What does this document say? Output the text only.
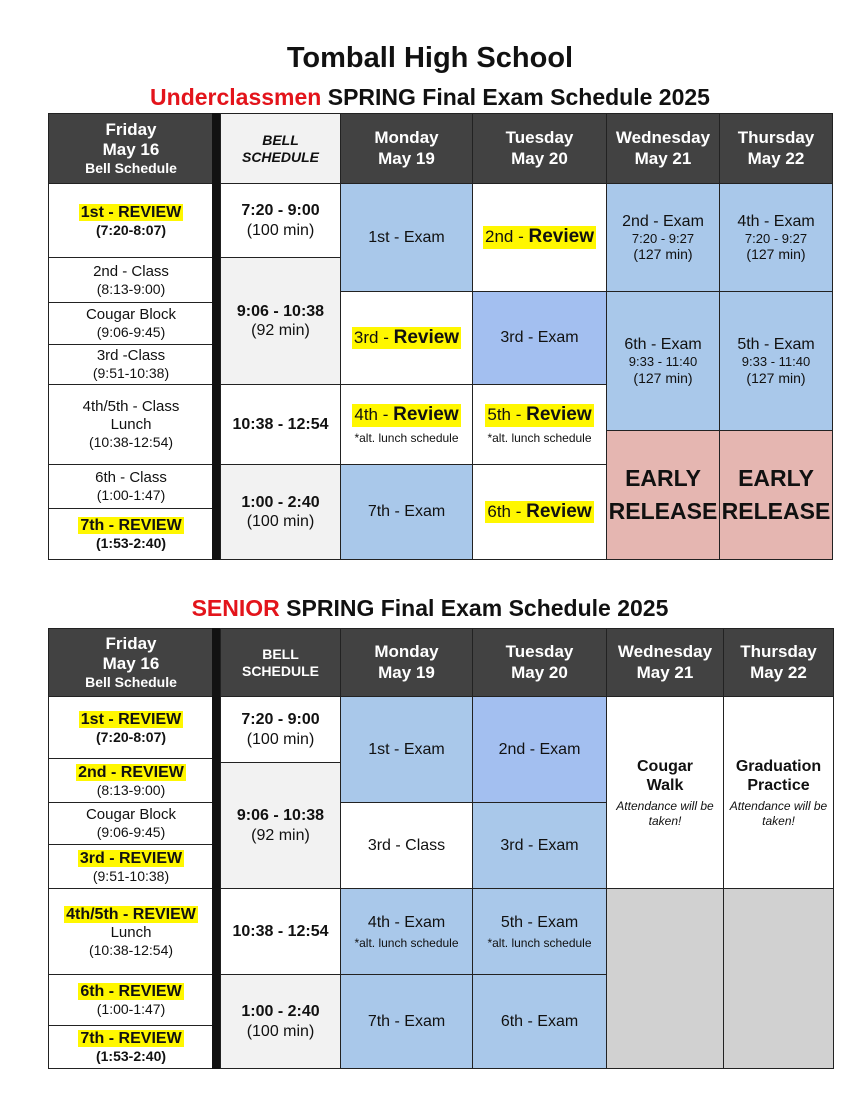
Tomball High School
Underclassmen SPRING Final Exam Schedule 2025
SENIOR SPRING Final Exam Schedule 2025
Friday
May 16
Bell Schedule
BELL
SCHEDULE
Monday
May 19
Tuesday
May 20
Wednesday
May 21
Thursday
May 22
1st - REVIEW
(7:20-8:07)
2nd - Class
(8:13-9:00)
Cougar Block
(9:06-9:45)
3rd -Class
(9:51-10:38)
4th/5th - Class
Lunch
(10:38-12:54)
6th - Class
(1:00-1:47)
7th - REVIEW
(1:53-2:40)
7:20 - 9:00
(100 min)
9:06 - 10:38
(92 min)
10:38 - 12:54
1:00 - 2:40
(100 min)
1st - Exam
3rd - Review
4th - Review
*alt. lunch schedule
7th - Exam
2nd - Review
3rd - Exam
5th - Review
*alt. lunch schedule
6th - Review
2nd - Exam
7:20 - 9:27
(127 min)
6th - Exam
9:33 - 11:40
(127 min)
EARLY
RELEASE
4th - Exam
7:20 - 9:27
(127 min)
5th - Exam
9:33 - 11:40
(127 min)
EARLY
RELEASE
Friday
May 16
Bell Schedule
BELL
SCHEDULE
Monday
May 19
Tuesday
May 20
Wednesday
May 21
Thursday
May 22
1st - REVIEW
(7:20-8:07)
2nd - REVIEW
(8:13-9:00)
Cougar Block
(9:06-9:45)
3rd - REVIEW
(9:51-10:38)
4th/5th - REVIEW
Lunch
(10:38-12:54)
6th - REVIEW
(1:00-1:47)
7th - REVIEW
(1:53-2:40)
7:20 - 9:00
(100 min)
9:06 - 10:38
(92 min)
10:38 - 12:54
1:00 - 2:40
(100 min)
1st - Exam
3rd - Class
4th - Exam
*alt. lunch schedule
7th - Exam
2nd - Exam
3rd - Exam
5th - Exam
*alt. lunch schedule
6th - Exam
Cougar
Walk
Attendance will be taken!
Graduation
Practice
Attendance will be taken!
